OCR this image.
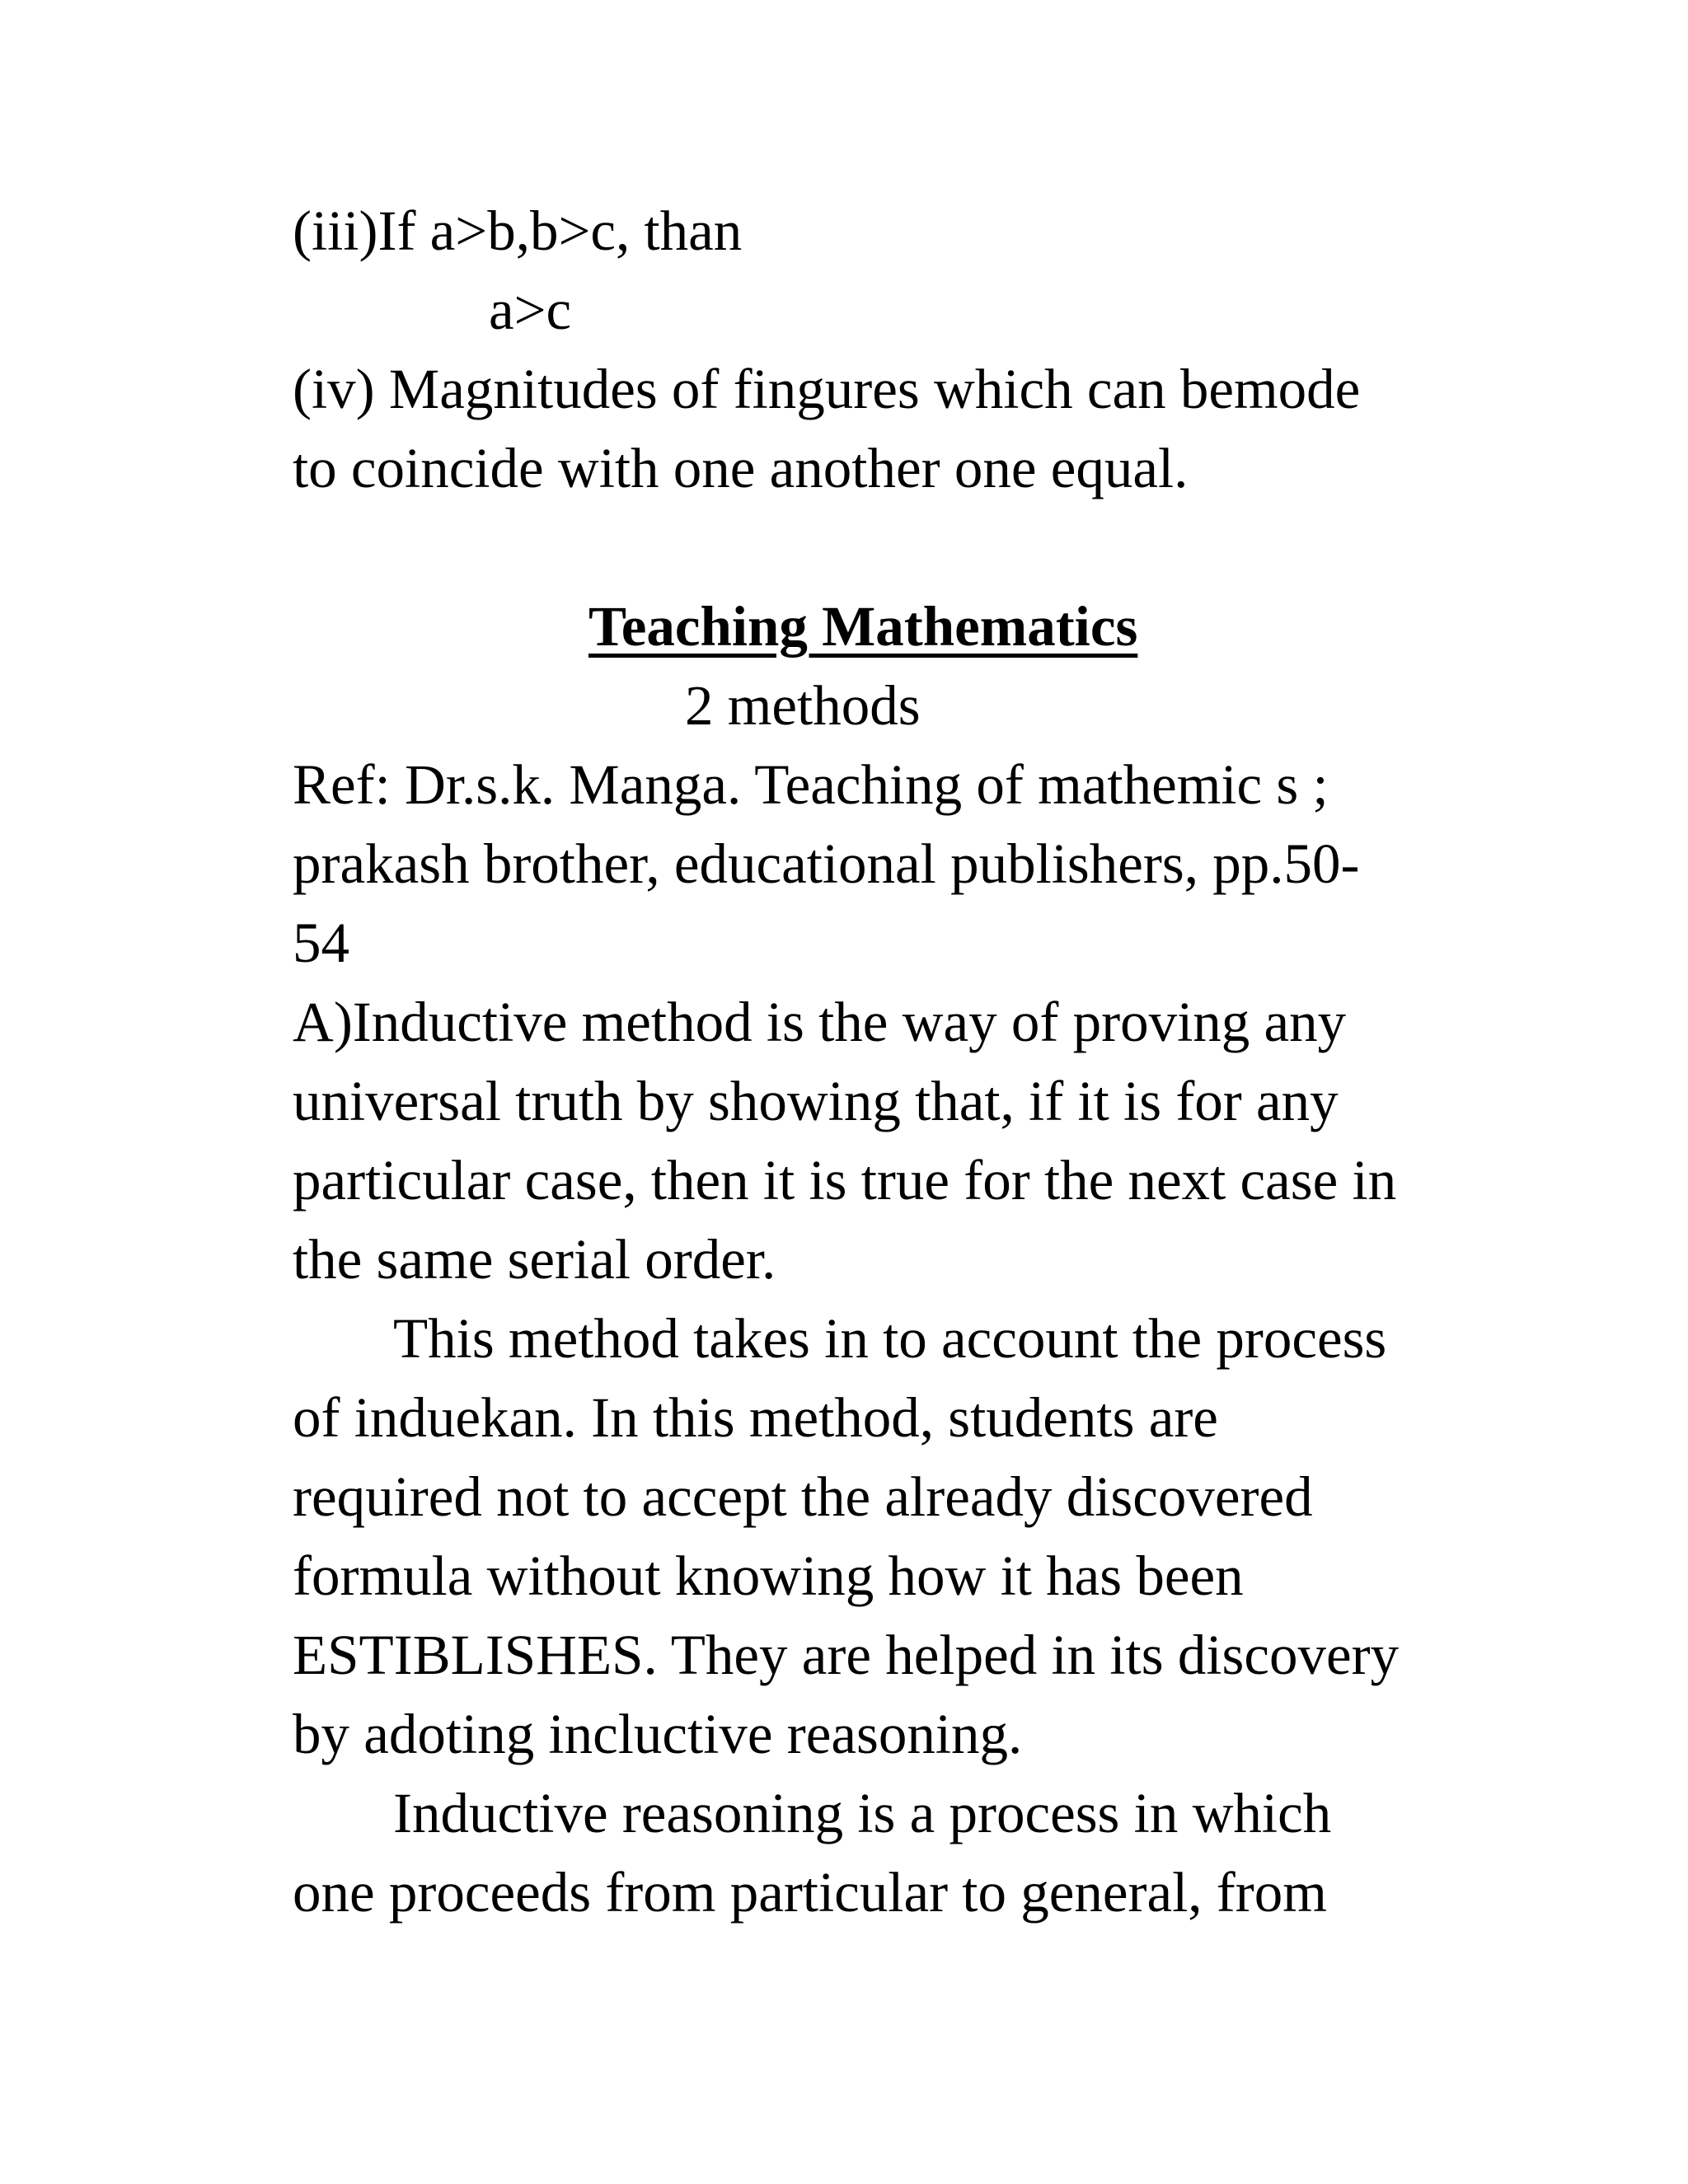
(iii)If a>b,b>c, than
a>c
(iv) Magnitudes of fingures which can bemode
to coincide with one another one equal.
Teaching Mathematics
2 methods
Ref: Dr.s.k. Manga. Teaching of mathemic s ;
prakash brother, educational publishers, pp.50-
54
A)Inductive method is the way of proving any
universal truth by showing that, if it is for any
particular case, then it is true for the next case in
the same serial order.
This method takes in to account the process
of induekan. In this method, students are
required not to accept the already discovered
formula without knowing how it has been
ESTIBLISHES. They are helped in its discovery
by adoting incluctive reasoning.
Inductive reasoning is a process in which
one proceeds from particular to general, from
